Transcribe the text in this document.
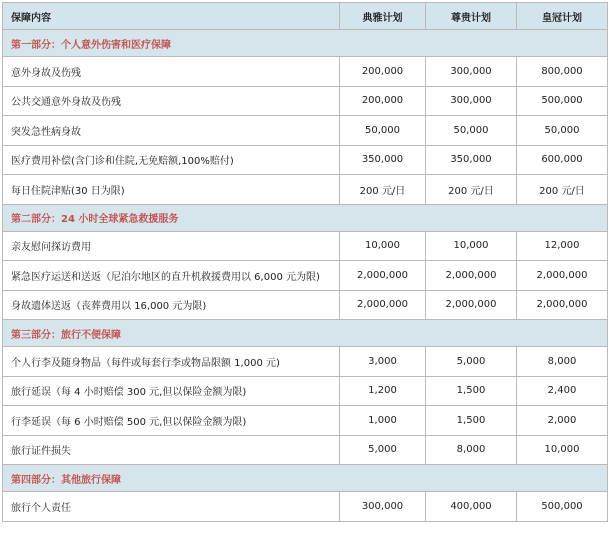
保障内容	典雅计划	尊贵计划	皇冠计划
第一部分：个人意外伤害和医疗保障			
意外身故及伤残	200,000	300,000	800,000
公共交通意外身故及伤残	200,000	300,000	500,000
突发急性病身故	50,000	50,000	50,000
医疗费用补偿(含门诊和住院,无免赔额,100%赔付)	350,000	350,000	600,000
每日住院津贴(30 日为限)	200 元/日	200 元/日	200 元/日
第二部分：24 小时全球紧急救援服务			
亲友慰问探访费用	10,000	10,000	12,000
紧急医疗运送和送返（尼泊尔地区的直升机救援费用以 6,000 元为限)	2,000,000	2,000,000	2,000,000
身故遗体送返（丧葬费用以 16,000 元为限)	2,000,000	2,000,000	2,000,000
第三部分：旅行不便保障			
个人行李及随身物品（每件或每套行李或物品限额 1,000 元)	3,000	5,000	8,000
旅行延误（每 4 小时赔偿 300 元,但以保险金额为限)	1,200	1,500	2,400
行李延误（每 6 小时赔偿 500 元,但以保险金额为限)	1,000	1,500	2,000
旅行证件损失	5,000	8,000	10,000
第四部分：其他旅行保障			
旅行个人责任	300,000	400,000	500,000
